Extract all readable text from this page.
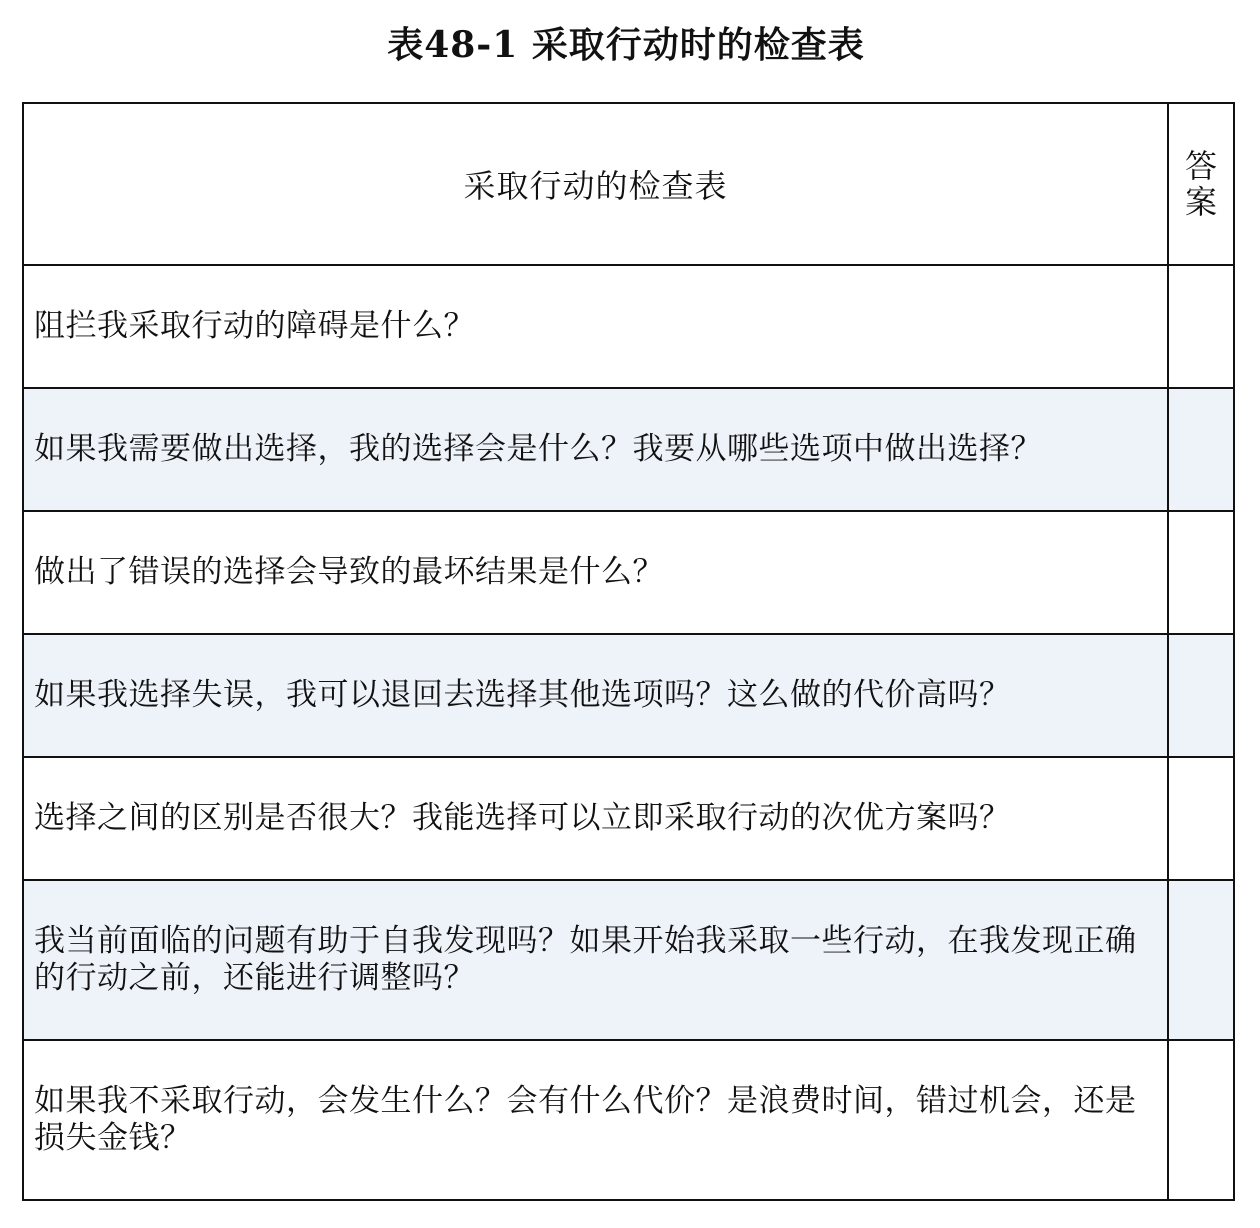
表48-1 采取行动时的检查表
采取行动的检查表	答案
阻拦我采取行动的障碍是什么？	
如果我需要做出选择，我的选择会是什么？我要从哪些选项中做出选择？	
做出了错误的选择会导致的最坏结果是什么？	
如果我选择失误，我可以退回去选择其他选项吗？这么做的代价高吗？	
选择之间的区别是否很大？我能选择可以立即采取行动的次优方案吗？	
我当前面临的问题有助于自我发现吗？如果开始我采取一些行动，在我发现正确的行动之前，还能进行调整吗？	
如果我不采取行动，会发生什么？会有什么代价？是浪费时间，错过机会，还是损失金钱？	
